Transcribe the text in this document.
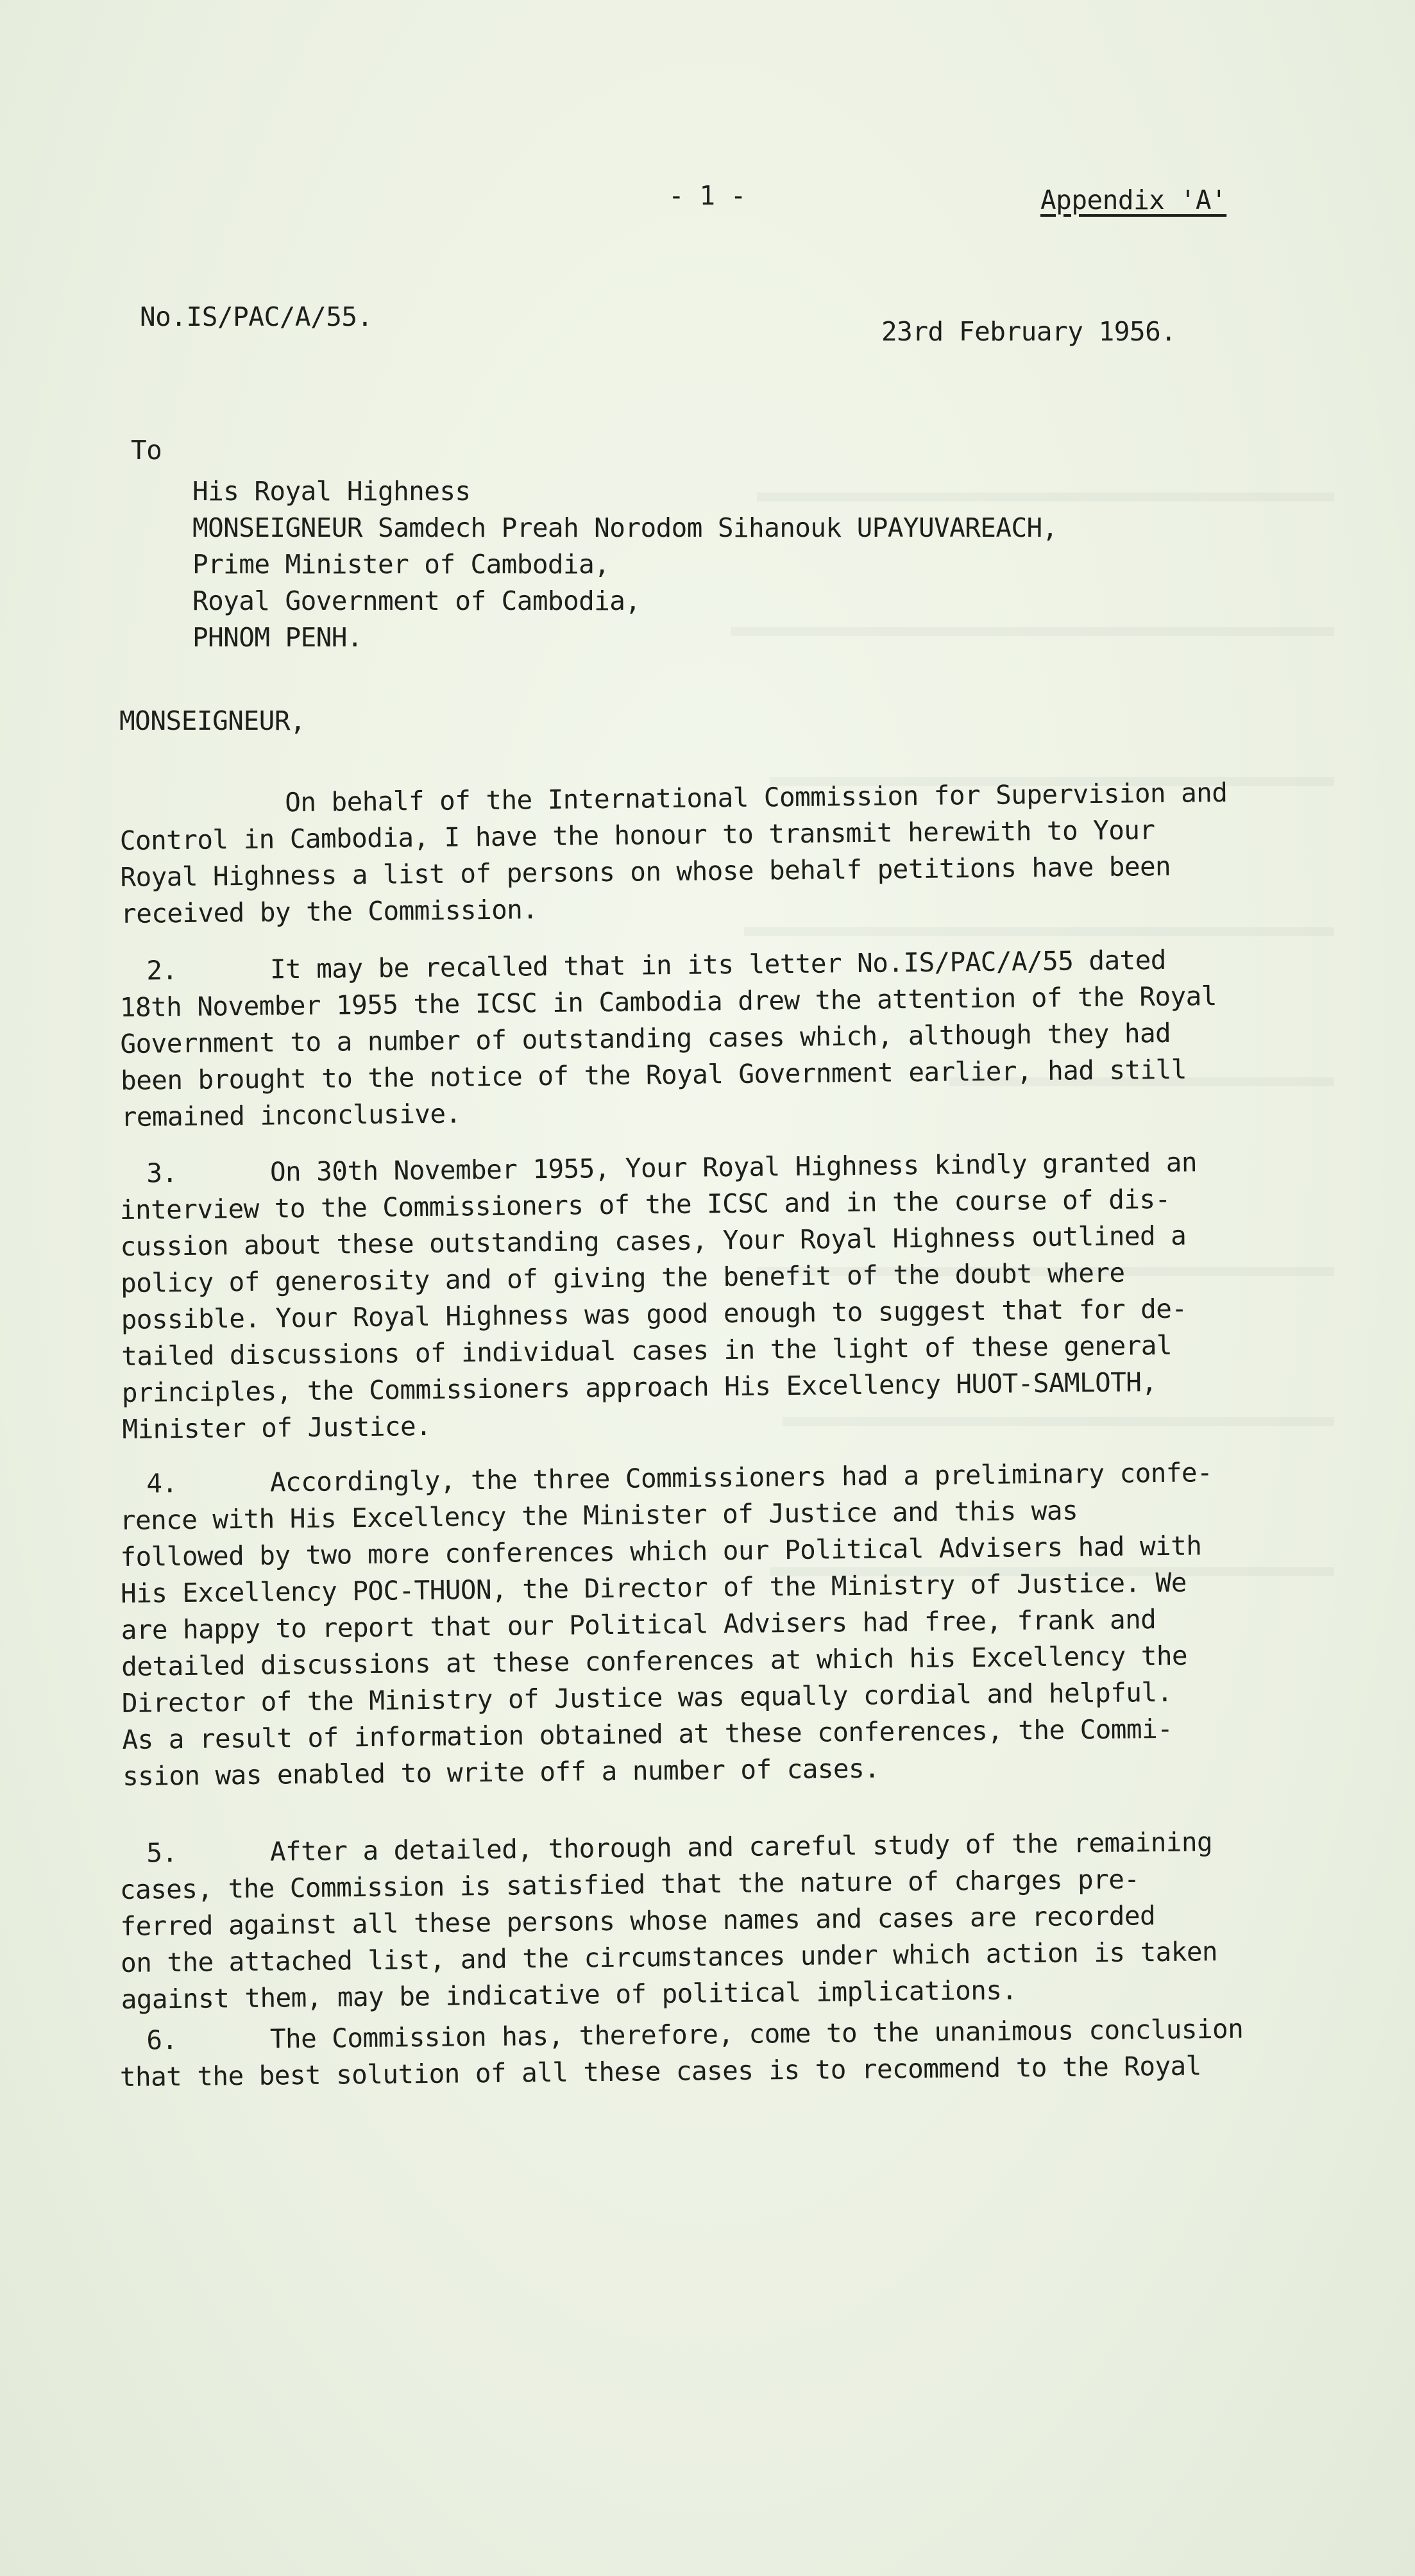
- 1 -	Appendix 'A'
No.IS/PAC/A/55.	23rd February 1956.
To
His Royal Highness
MONSEIGNEUR Samdech Preah Norodom Sihanouk UPAYUVAREACH,
Prime Minister of Cambodia,
Royal Government of Cambodia,
PHNOM PENH.
MONSEIGNEUR,
On behalf of the International Commission for Supervision and
Control in Cambodia, I have the honour to transmit herewith to Your
Royal Highness a list of persons on whose behalf petitions have been
received by the Commission.
2.      It may be recalled that in its letter No.IS/PAC/A/55 dated
18th November 1955 the ICSC in Cambodia drew the attention of the Royal
Government to a number of outstanding cases which, although they had
been brought to the notice of the Royal Government earlier, had still
remained inconclusive.
3.      On 30th November 1955, Your Royal Highness kindly granted an
interview to the Commissioners of the ICSC and in the course of dis-
cussion about these outstanding cases, Your Royal Highness outlined a
policy of generosity and of giving the benefit of the doubt where
possible. Your Royal Highness was good enough to suggest that for de-
tailed discussions of individual cases in the light of these general
principles, the Commissioners approach His Excellency HUOT-SAMLOTH,
Minister of Justice.
4.      Accordingly, the three Commissioners had a preliminary confe-
rence with His Excellency the Minister of Justice and this was
followed by two more conferences which our Political Advisers had with
His Excellency POC-THUON, the Director of the Ministry of Justice. We
are happy to report that our Political Advisers had free, frank and
detailed discussions at these conferences at which his Excellency the
Director of the Ministry of Justice was equally cordial and helpful.
As a result of information obtained at these conferences, the Commi-
ssion was enabled to write off a number of cases.
5.      After a detailed, thorough and careful study of the remaining
cases, the Commission is satisfied that the nature of charges pre-
ferred against all these persons whose names and cases are recorded
on the attached list, and the circumstances under which action is taken
against them, may be indicative of political implications.
6.      The Commission has, therefore, come to the unanimous conclusion
that the best solution of all these cases is to recommend to the Royal
